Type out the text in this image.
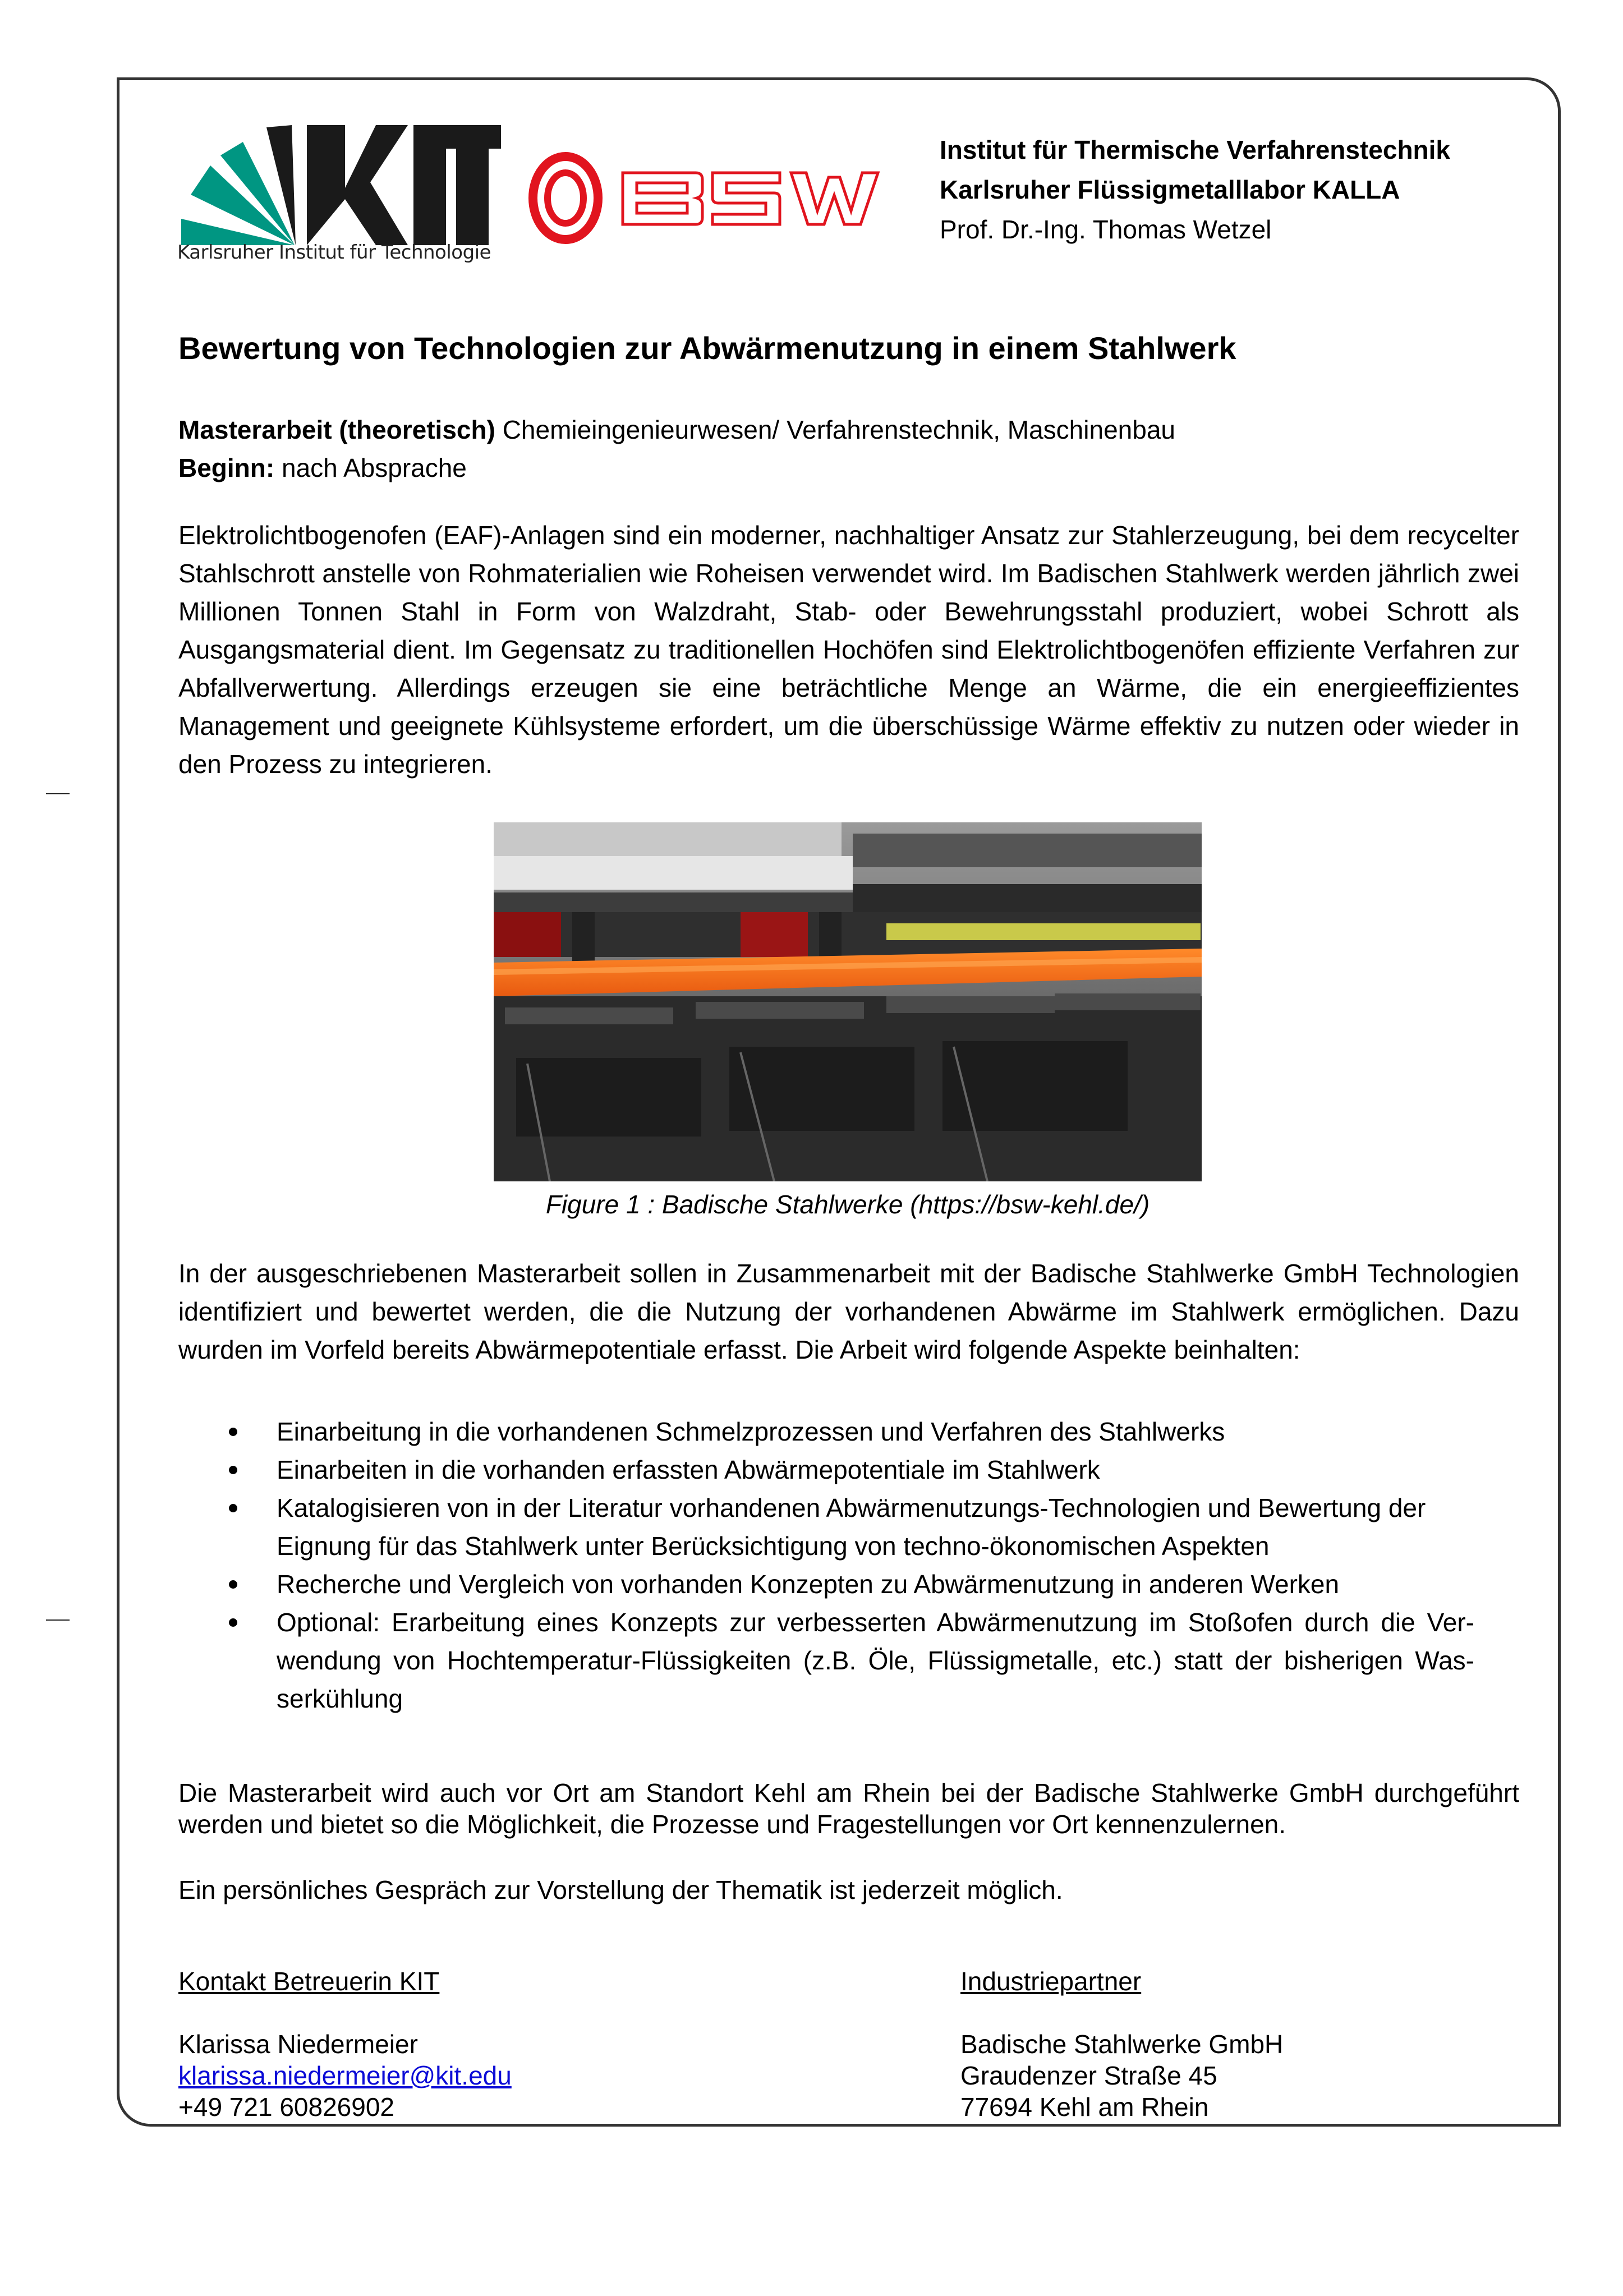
Karlsruher Institut für Technologie
Institut für Thermische Verfahrenstechnik
Karlsruher Flüssigmetalllabor KALLA
Prof. Dr.-Ing. Thomas Wetzel
Bewertung von Technologien zur Abwärmenutzung in einem Stahlwerk
Masterarbeit (theoretisch) Chemieingenieurwesen/ Verfahrenstechnik, Maschinenbau
Beginn: nach Absprache
Elektrolichtbogenofen (EAF)-Anlagen sind ein moderner, nachhaltiger Ansatz zur Stahlerzeugung, bei dem recycelter Stahlschrott anstelle von Rohmaterialien wie Roheisen verwendet wird. Im Badischen Stahlwerk werden jährlich zwei Millionen Tonnen Stahl in Form von Walzdraht, Stab- oder Bewehrungsstahl produziert, wobei Schrott als Ausgangsmaterial dient. Im Gegensatz zu traditionellen Hochöfen sind Elektrolichtbogenöfen effiziente Verfahren zur Abfallverwertung. Allerdings erzeugen sie eine beträchtliche Menge an Wärme, die ein energieeffizientes Management und geeignete Kühlsysteme erfordert, um die überschüssige Wärme effektiv zu nutzen oder wieder in den Prozess zu integrieren.
Figure 1 : Badische Stahlwerke (https://bsw-kehl.de/)
In der ausgeschriebenen Masterarbeit sollen in Zusammenarbeit mit der Badische Stahlwerke GmbH Technologien identifiziert und bewertet werden, die die Nutzung der vorhandenen Abwärme im Stahlwerk ermöglichen. Dazu wurden im Vorfeld bereits Abwärmepotentiale erfasst. Die Arbeit wird folgende Aspekte beinhalten:
Einarbeitung in die vorhandenen Schmelzprozessen und Verfahren des Stahlwerks
Einarbeiten in die vorhanden erfassten Abwärmepotentiale im Stahlwerk
Katalogisieren von in der Literatur vorhandenen Abwärmenutzungs-Technologien und Bewertung der Eignung für das Stahlwerk unter Berücksichtigung von techno-ökonomischen Aspekten
Recherche und Vergleich von vorhanden Konzepten zu Abwärmenutzung in anderen Werken
Optional: Erarbeitung eines Konzepts zur verbesserten Abwärmenutzung im Stoßofen durch die Verwendung von Hochtemperatur-Flüssigkeiten (z.B. Öle, Flüssigmetalle, etc.) statt der bisherigen Wasserkühlung
Die Masterarbeit wird auch vor Ort am Standort Kehl am Rhein bei der Badische Stahlwerke GmbH durchgeführt werden und bietet so die Möglichkeit, die Prozesse und Fragestellungen vor Ort kennenzulernen.
Ein persönliches Gespräch zur Vorstellung der Thematik ist jederzeit möglich.
Kontakt Betreuerin KIT
Klarissa Niedermeier
klarissa.niedermeier@kit.edu
+49 721 60826902
Industriepartner
Badische Stahlwerke GmbH
Graudenzer Straße 45
77694 Kehl am Rhein
